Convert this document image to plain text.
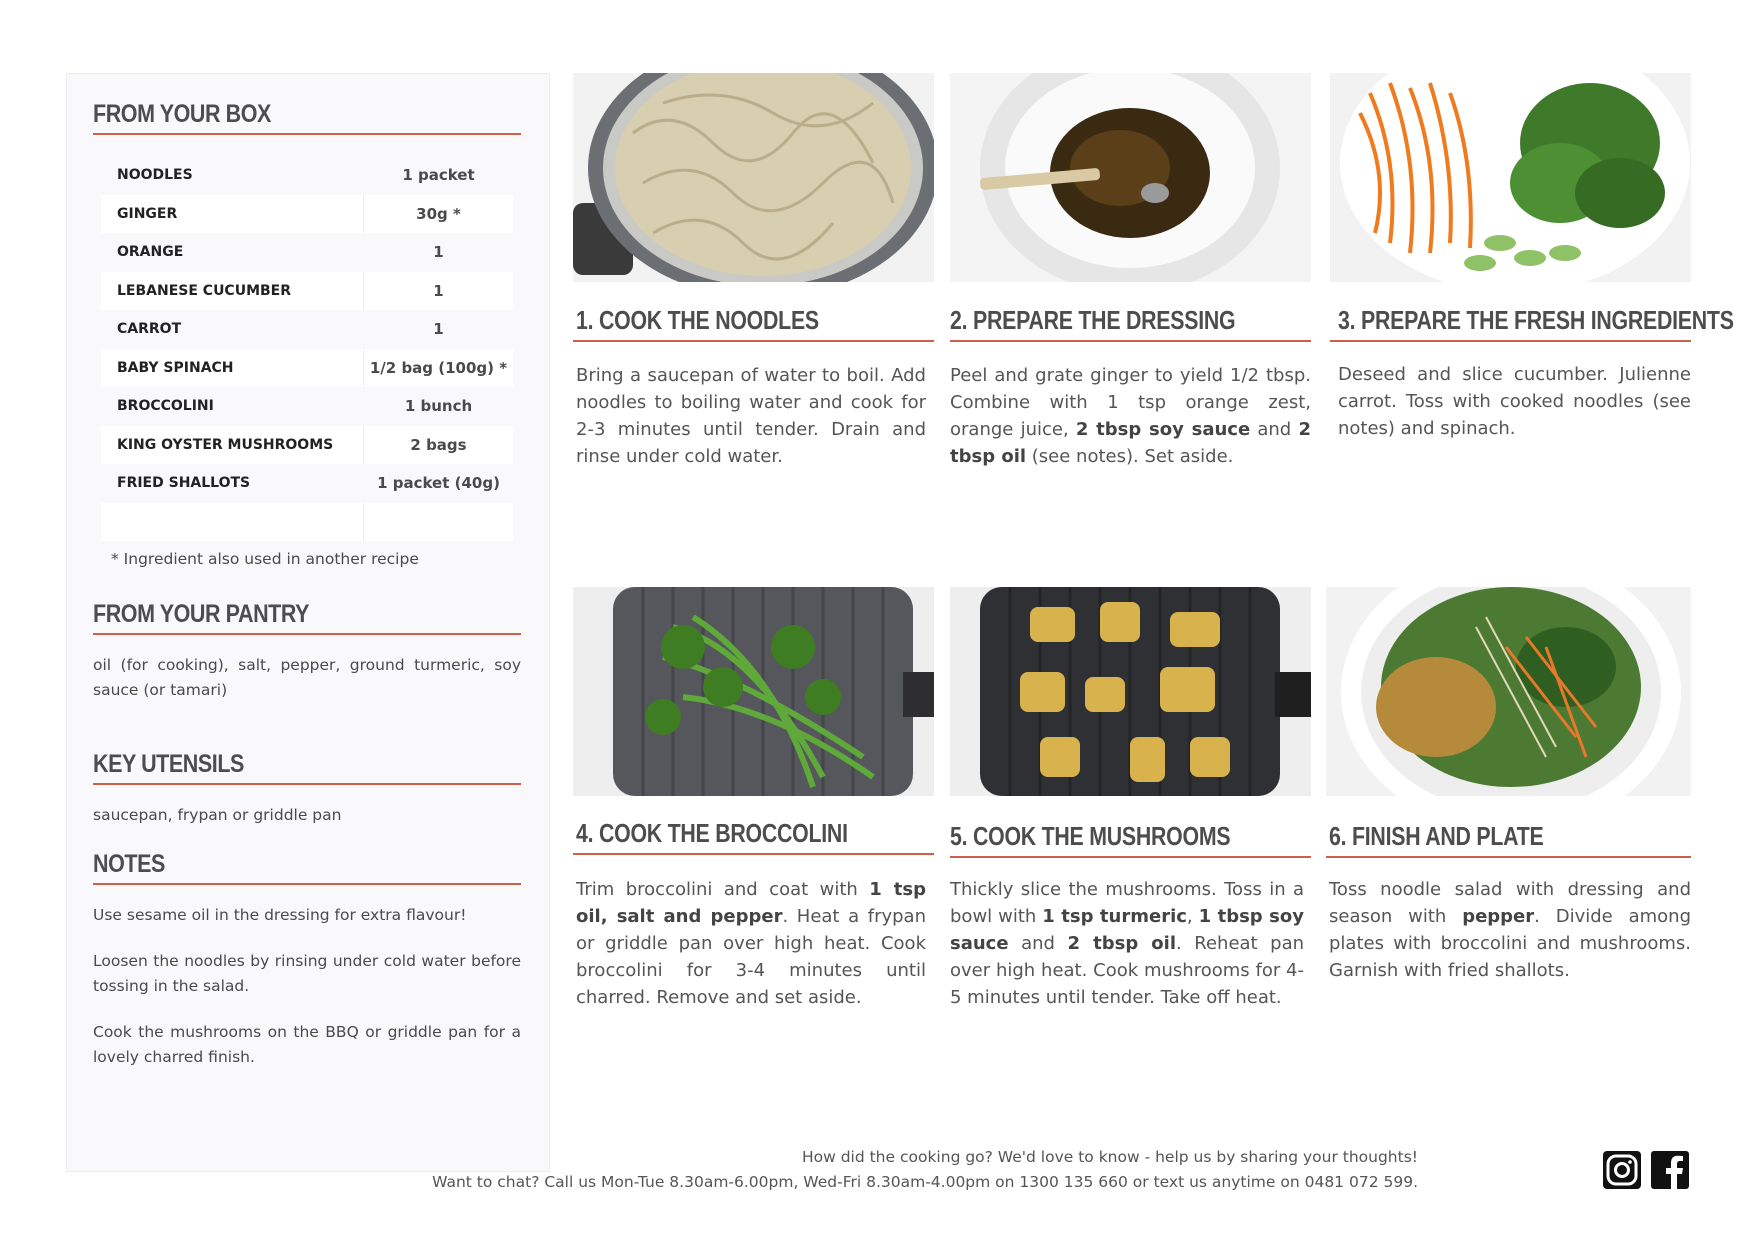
FROM YOUR BOX
NOODLES	1 packet
GINGER	30g *
ORANGE	1
LEBANESE CUCUMBER	1
CARROT	1
BABY SPINACH	1/2 bag (100g) *
BROCCOLINI	1 bunch
KING OYSTER MUSHROOMS	2 bags
FRIED SHALLOTS	1 packet (40g)
* Ingredient also used in another recipe
FROM YOUR PANTRY
oil (for cooking), salt, pepper, ground turmeric, soy sauce (or tamari)
KEY UTENSILS
saucepan, frypan or griddle pan
NOTES
Use sesame oil in the dressing for extra flavour!
Loosen the noodles by rinsing under cold water before tossing in the salad.
Cook the mushrooms on the BBQ or griddle pan for a lovely charred finish.
1. COOK THE NOODLES
Bring a saucepan of water to boil. Add noodles to boiling water and cook for 2-3 minutes until tender. Drain and rinse under cold water.
2. PREPARE THE DRESSING
Peel and grate ginger to yield 1/2 tbsp. Combine with 1 tsp orange zest, orange juice, 2 tbsp soy sauce and 2 tbsp oil (see notes). Set aside.
3. PREPARE THE FRESH INGREDIENTS
Deseed and slice cucumber. Julienne carrot. Toss with cooked noodles (see notes) and spinach.
4. COOK THE BROCCOLINI
Trim broccolini and coat with 1 tsp oil, salt and pepper. Heat a frypan or griddle pan over high heat. Cook broccolini for 3-4 minutes until charred. Remove and set aside.
5. COOK THE MUSHROOMS
Thickly slice the mushrooms. Toss in a bowl with 1 tsp turmeric, 1 tbsp soy sauce and 2 tbsp oil. Reheat pan over high heat. Cook mushrooms for 4-5 minutes until tender. Take off heat.
6. FINISH AND PLATE
Toss noodle salad with dressing and season with pepper. Divide among plates with broccolini and mushrooms. Garnish with fried shallots.
How did the cooking go? We'd love to know - help us by sharing your thoughts!
Want to chat? Call us Mon-Tue 8.30am-6.00pm, Wed-Fri 8.30am-4.00pm on 1300 135 660 or text us anytime on 0481 072 599.
